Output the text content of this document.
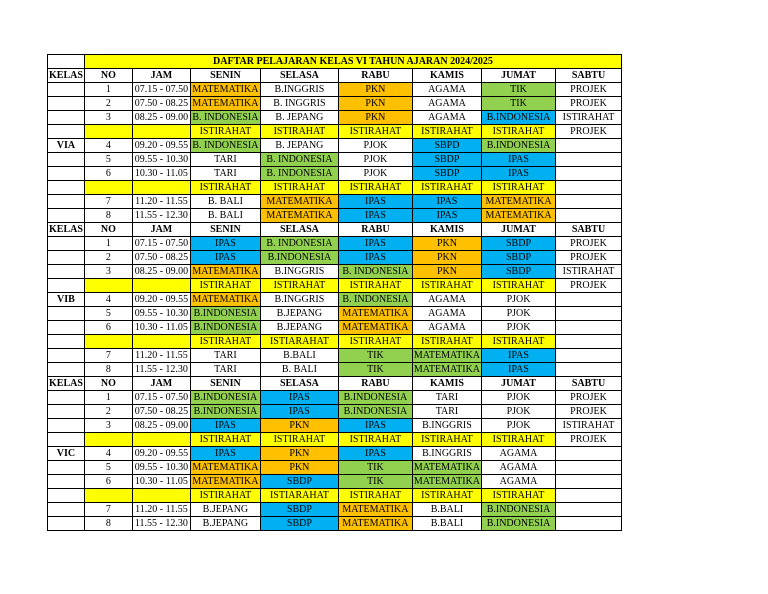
	DAFTAR PELAJARAN KELAS VI TAHUN AJARAN 2024/2025							
KELAS	NO	JAM	SENIN	SELASA	RABU	KAMIS	JUMAT	SABTU
	1	07.15 - 07.50	MATEMATIKA	B.INGGRIS	PKN	AGAMA	TIK	PROJEK
	2	07.50 - 08.25	MATEMATIKA	B. INGGRIS	PKN	AGAMA	TIK	PROJEK
	3	08.25 - 09.00	B. INDONESIA	B. JEPANG	PKN	AGAMA	B.INDONESIA	ISTIRAHAT
			ISTIRAHAT	ISTIRAHAT	ISTIRAHAT	ISTIRAHAT	ISTIRAHAT	PROJEK
VIA	4	09.20 - 09.55	B. INDONESIA	B. JEPANG	PJOK	SBPD	B.INDONESIA	
	5	09.55 - 10.30	TARI	B. INDONESIA	PJOK	SBDP	IPAS	
	6	10.30 - 11.05	TARI	B. INDONESIA	PJOK	SBDP	IPAS	
			ISTIRAHAT	ISTIRAHAT	ISTIRAHAT	ISTIRAHAT	ISTIRAHAT	
	7	11.20 - 11.55	B. BALI	MATEMATIKA	IPAS	IPAS	MATEMATIKA	
	8	11.55 - 12.30	B. BALI	MATEMATIKA	IPAS	IPAS	MATEMATIKA	
KELAS	NO	JAM	SENIN	SELASA	RABU	KAMIS	JUMAT	SABTU
	1	07.15 - 07.50	IPAS	B. INDONESIA	IPAS	PKN	SBDP	PROJEK
	2	07.50 - 08.25	IPAS	B.INDONESIA	IPAS	PKN	SBDP	PROJEK
	3	08.25 - 09.00	MATEMATIKA	B.INGGRIS	B. INDONESIA	PKN	SBDP	ISTIRAHAT
			ISTIRAHAT	ISTIRAHAT	ISTIRAHAT	ISTIRAHAT	ISTIRAHAT	PROJEK
VIB	4	09.20 - 09.55	MATEMATIKA	B.INGGRIS	B. INDONESIA	AGAMA	PJOK	
	5	09.55 - 10.30	B.INDONESIA	B.JEPANG	MATEMATIKA	AGAMA	PJOK	
	6	10.30 - 11.05	B.INDONESIA	B.JEPANG	MATEMATIKA	AGAMA	PJOK	
			ISTIRAHAT	ISTIARAHAT	ISTIRAHAT	ISTIRAHAT	ISTIRAHAT	
	7	11.20 - 11.55	TARI	B.BALI	TIK	MATEMATIKA	IPAS	
	8	11.55 - 12.30	TARI	B. BALI	TIK	MATEMATIKA	IPAS	
KELAS	NO	JAM	SENIN	SELASA	RABU	KAMIS	JUMAT	SABTU
	1	07.15 - 07.50	B.INDONESIA	IPAS	B.INDONESIA	TARI	PJOK	PROJEK
	2	07.50 - 08.25	B.INDONESIA	IPAS	B.INDONESIA	TARI	PJOK	PROJEK
	3	08.25 - 09.00	IPAS	PKN	IPAS	B.INGGRIS	PJOK	ISTIRAHAT
			ISTIRAHAT	ISTIRAHAT	ISTIRAHAT	ISTIRAHAT	ISTIRAHAT	PROJEK
VIC	4	09.20 - 09.55	IPAS	PKN	IPAS	B.INGGRIS	AGAMA	
	5	09.55 - 10.30	MATEMATIKA	PKN	TIK	MATEMATIKA	AGAMA	
	6	10.30 - 11.05	MATEMATIKA	SBDP	TIK	MATEMATIKA	AGAMA	
			ISTIRAHAT	ISTIARAHAT	ISTIRAHAT	ISTIRAHAT	ISTIRAHAT	
	7	11.20 - 11.55	B.JEPANG	SBDP	MATEMATIKA	B.BALI	B.INDONESIA	
	8	11.55 - 12.30	B.JEPANG	SBDP	MATEMATIKA	B.BALI	B.INDONESIA	
